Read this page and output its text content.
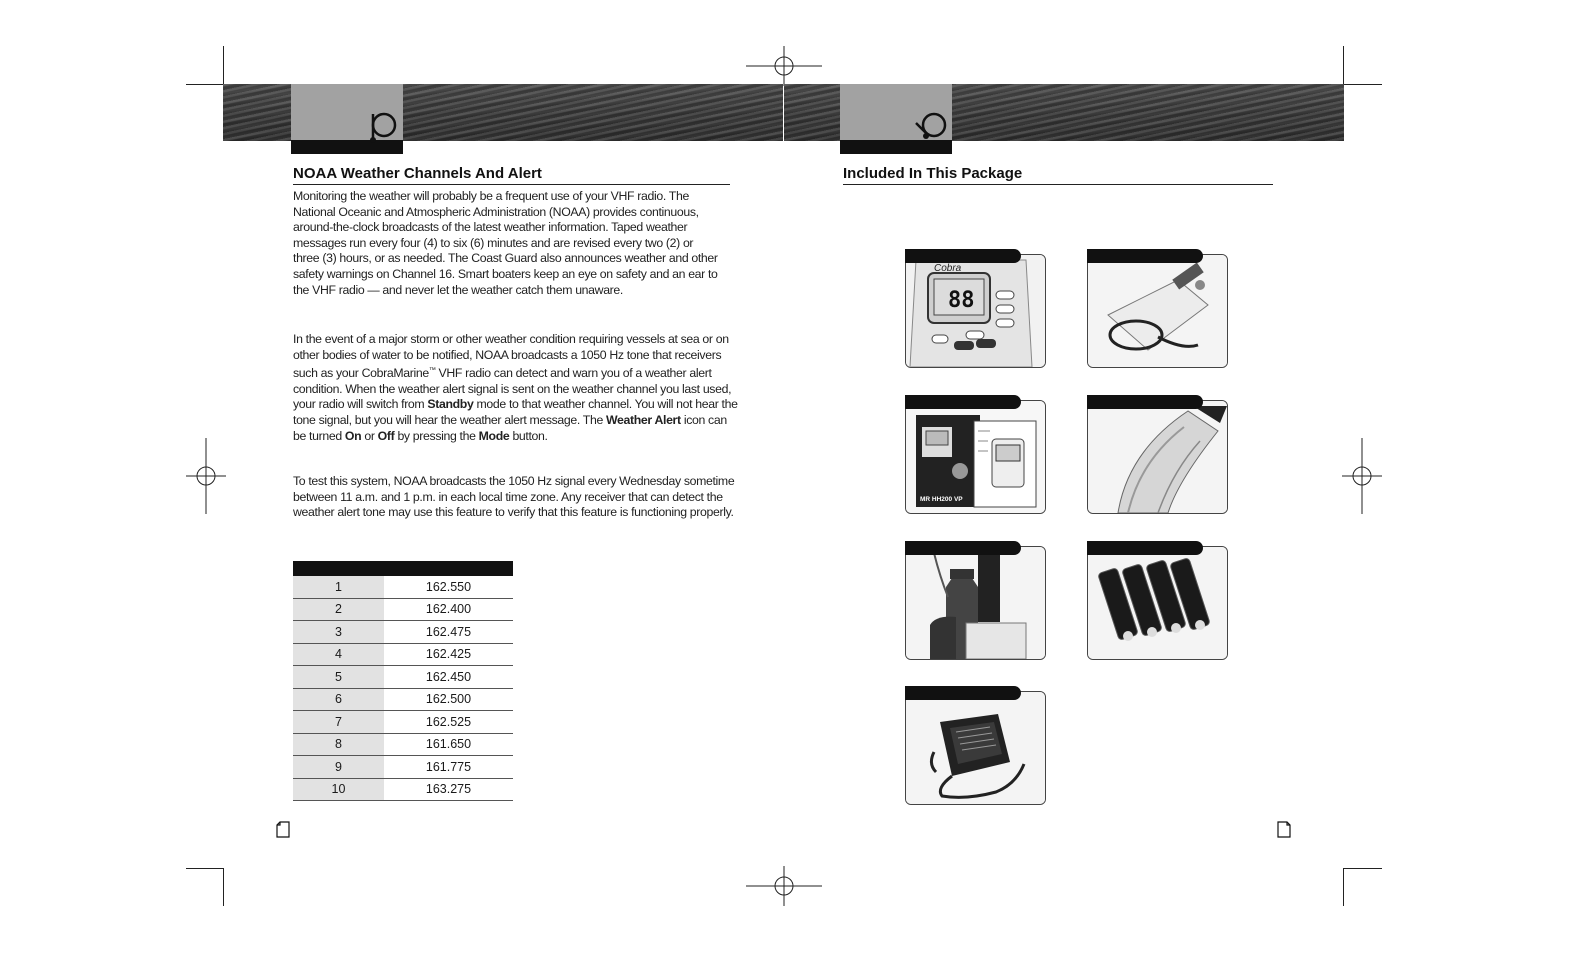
NOAA Weather Channels And Alert
Monitoring the weather will probably be a frequent use of your VHF radio. The National Oceanic and Atmospheric Administration (NOAA) provides continuous, around-the-clock broadcasts of the latest weather information. Taped weather messages run every four (4) to six (6) minutes and are revised every two (2) or three (3) hours, or as needed. The Coast Guard also announces weather and other safety warnings on Channel 16. Smart boaters keep an eye on safety and an ear to the VHF radio — and never let the weather catch them unaware.
In the event of a major storm or other weather condition requiring vessels at sea or on other bodies of water to be notified, NOAA broadcasts a 1050 Hz tone that receivers such as your CobraMarine™ VHF radio can detect and warn you of a weather alert condition. When the weather alert signal is sent on the weather channel you last used, your radio will switch from Standby mode to that weather channel. You will not hear the tone signal, but you will hear the weather alert message. The Weather Alert icon can be turned On or Off by pressing the Mode button.
To test this system, NOAA broadcasts the 1050 Hz signal every Wednesday sometime between 11 a.m. and 1 p.m. in each local time zone. Any receiver that can detect the weather alert tone may use this feature to verify that this feature is functioning properly.

1	162.550
2	162.400
3	162.475
4	162.425
5	162.450
6	162.500
7	162.525
8	161.650
9	161.775
10	163.275
Included In This Package
88
Cobra
MR HH200 VP
